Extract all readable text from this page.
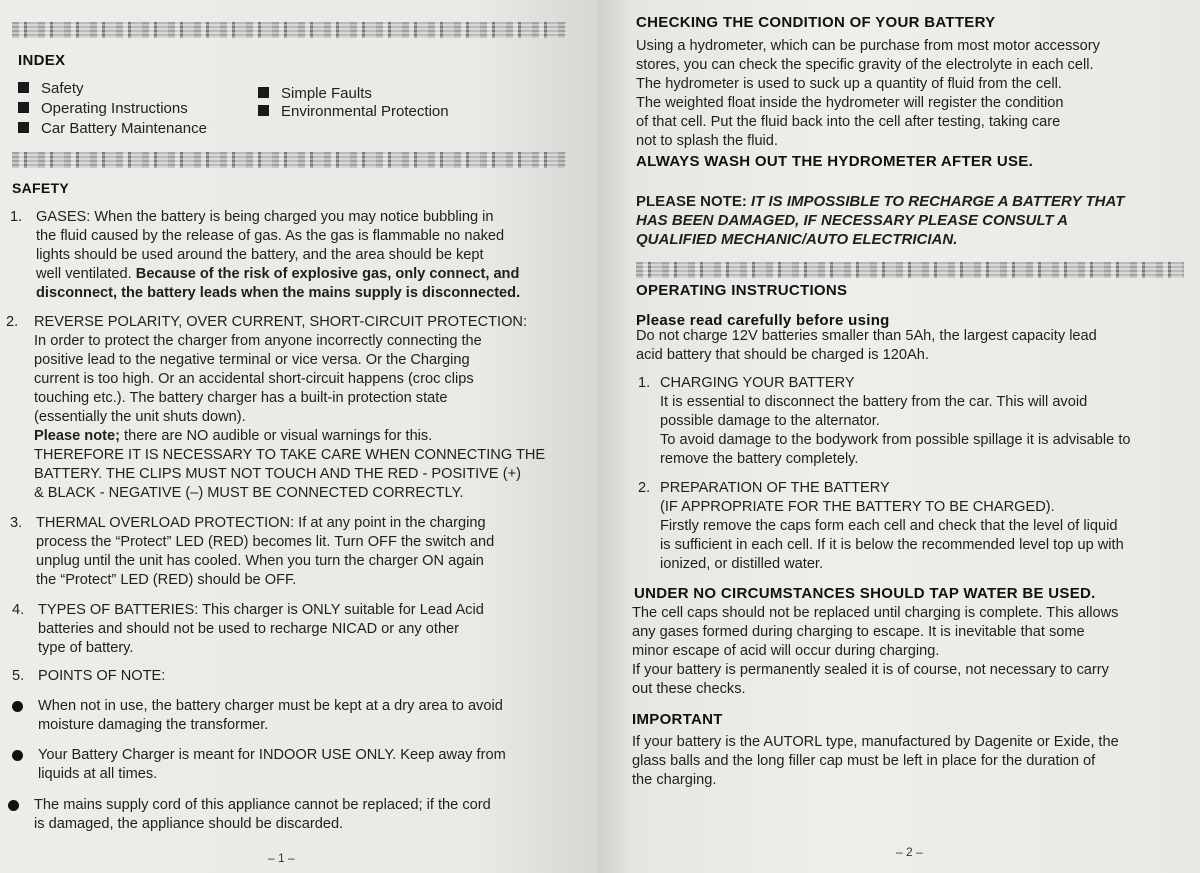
INDEX
Safety
Operating Instructions
Car Battery Maintenance
Simple Faults
Environmental Protection
SAFETY
1. GASES: When the battery is being charged you may notice bubbling in
the fluid caused by the release of gas. As the gas is flammable no naked
lights should be used around the battery, and the area should be kept
well ventilated. Because of the risk of explosive gas, only connect, and
disconnect, the battery leads when the mains supply is disconnected.
2. REVERSE POLARITY, OVER CURRENT, SHORT-CIRCUIT PROTECTION:
In order to protect the charger from anyone incorrectly connecting the
positive lead to the negative terminal or vice versa. Or the Charging
current is too high. Or an accidental short-circuit happens (croc clips
touching etc.). The battery charger has a built-in protection state
(essentially the unit shuts down).
Please note; there are NO audible or visual warnings for this.
THEREFORE IT IS NECESSARY TO TAKE CARE WHEN CONNECTING THE
BATTERY. THE CLIPS MUST NOT TOUCH AND THE RED - POSITIVE (+)
& BLACK - NEGATIVE (–) MUST BE CONNECTED CORRECTLY.
3. THERMAL OVERLOAD PROTECTION: If at any point in the charging
process the “Protect” LED (RED) becomes lit. Turn OFF the switch and
unplug until the unit has cooled. When you turn the charger ON again
the “Protect” LED (RED) should be OFF.
4. TYPES OF BATTERIES: This charger is ONLY suitable for Lead Acid
batteries and should not be used to recharge NICAD or any other
type of battery.
5. POINTS OF NOTE:
When not in use, the battery charger must be kept at a dry area to avoid
moisture damaging the transformer.
Your Battery Charger is meant for INDOOR USE ONLY. Keep away from
liquids at all times.
The mains supply cord of this appliance cannot be replaced; if the cord
is damaged, the appliance should be discarded.
– 1 –
CHECKING THE CONDITION OF YOUR BATTERY
Using a hydrometer, which can be purchase from most motor accessory
stores, you can check the specific gravity of the electrolyte in each cell.
The hydrometer is used to suck up a quantity of fluid from the cell.
The weighted float inside the hydrometer will register the condition
of that cell. Put the fluid back into the cell after testing, taking care
not to splash the fluid.
ALWAYS WASH OUT THE HYDROMETER AFTER USE.
PLEASE NOTE: IT IS IMPOSSIBLE TO RECHARGE A BATTERY THAT
HAS BEEN DAMAGED, IF NECESSARY PLEASE CONSULT A
QUALIFIED MECHANIC/AUTO ELECTRICIAN.
OPERATING INSTRUCTIONS
Please read carefully before using
Do not charge 12V batteries smaller than 5Ah, the largest capacity lead
acid battery that should be charged is 120Ah.
1. CHARGING YOUR BATTERY
It is essential to disconnect the battery from the car. This will avoid
possible damage to the alternator.
To avoid damage to the bodywork from possible spillage it is advisable to
remove the battery completely.
2. PREPARATION OF THE BATTERY
(IF APPROPRIATE FOR THE BATTERY TO BE CHARGED).
Firstly remove the caps form each cell and check that the level of liquid
is sufficient in each cell. If it is below the recommended level top up with
ionized, or distilled water.
UNDER NO CIRCUMSTANCES SHOULD TAP WATER BE USED.
The cell caps should not be replaced until charging is complete. This allows
any gases formed during charging to escape. It is inevitable that some
minor escape of acid will occur during charging.
If your battery is permanently sealed it is of course, not necessary to carry
out these checks.
IMPORTANT
If your battery is the AUTORL type, manufactured by Dagenite or Exide, the
glass balls and the long filler cap must be left in place for the duration of
the charging.
– 2 –
